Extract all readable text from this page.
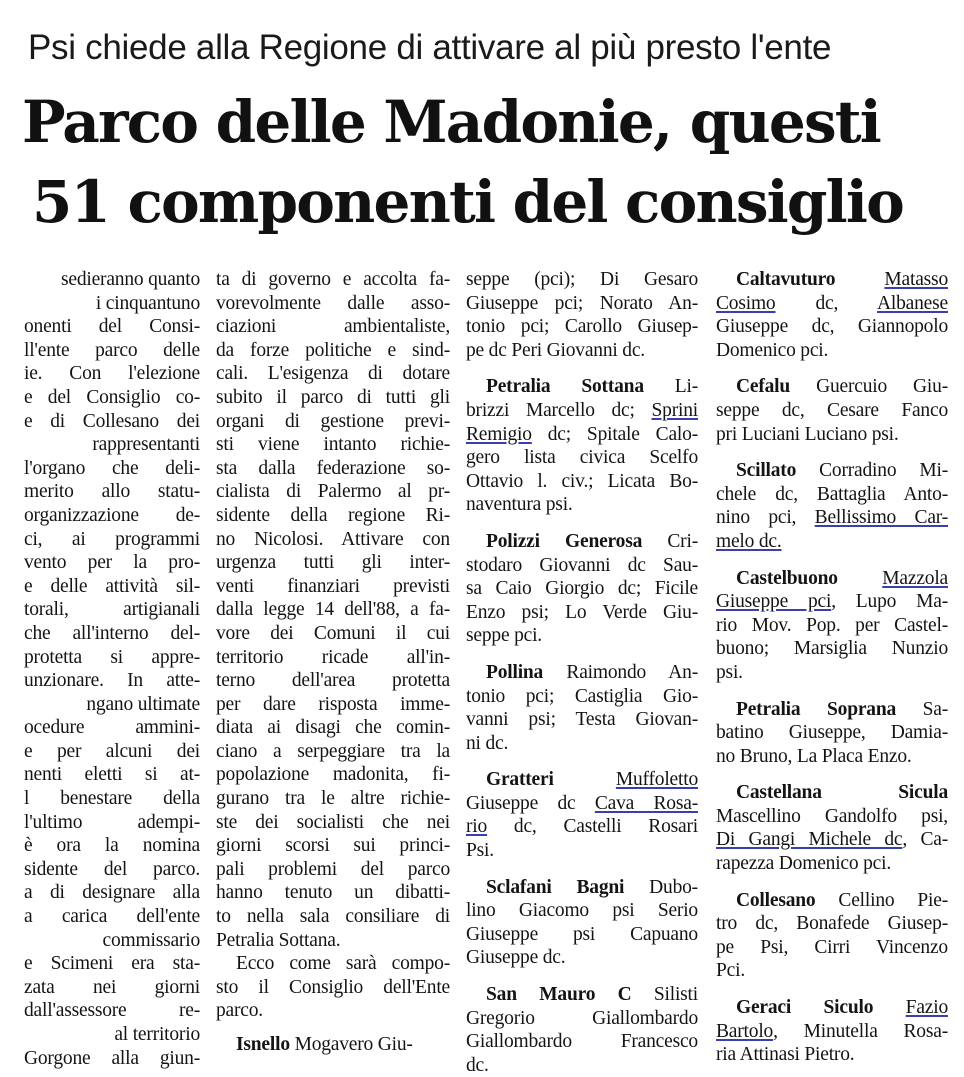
Psi chiede alla Regione di attivare al più presto l'ente
Parco delle Madonie, questi
51 componenti del consiglio
sedieranno quanto
i cinquantuno
onenti del Consi-
ll'ente parco delle
ie. Con l'elezione
e del Consiglio co-
e di Collesano dei
rappresentanti
l'organo che deli-
merito allo statu-
organizzazione de-
ci, ai programmi
vento per la pro-
e delle attività sil-
torali, artigianali
che all'interno del-
protetta si appre-
unzionare. In atte-
ngano ultimate
ocedure ammini-
e per alcuni dei
nenti eletti si at-
l benestare della
l'ultimo adempi-
è ora la nomina
sidente del parco.
a di designare alla
a carica dell'ente
commissario
e Scimeni era sta-
zata nei giorni
dall'assessore re-
al territorio
Gorgone alla giun-
ta di governo e accolta fa-
vorevolmente dalle asso-
ciazioni ambientaliste,
da forze politiche e sind-
cali. L'esigenza di dotare
subito il parco di tutti gli
organi di gestione previ-
sti viene intanto richie-
sta dalla federazione so-
cialista di Palermo al pr-
sidente della regione Ri-
no Nicolosi. Attivare con
urgenza tutti gli inter-
venti finanziari previsti
dalla legge 14 dell'88, a fa-
vore dei Comuni il cui
territorio ricade all'in-
terno dell'area protetta
per dare risposta imme-
diata ai disagi che comin-
ciano a serpeggiare tra la
popolazione madonita, fi-
gurano tra le altre richie-
ste dei socialisti che nei
giorni scorsi sui princi-
pali problemi del parco
hanno tenuto un dibatti-
to nella sala consiliare di
Petralia Sottana.
Ecco come sarà compo-
sto il Consiglio dell'Ente
parco.
Isnello Mogavero Giu-
seppe (pci); Di Gesaro
Giuseppe pci; Norato An-
tonio pci; Carollo Giusep-
pe dc Peri Giovanni dc.
Petralia Sottana Li-
brizzi Marcello dc; Sprini
Remigio dc; Spitale Calo-
gero lista civica Scelfo
Ottavio l. civ.; Licata Bo-
naventura psi.
Polizzi Generosa Cri-
stodaro Giovanni dc Sau-
sa Caio Giorgio dc; Ficile
Enzo psi; Lo Verde Giu-
seppe pci.
Pollina Raimondo An-
tonio pci; Castiglia Gio-
vanni psi; Testa Giovan-
ni dc.
Gratteri	Muffoletto
Giuseppe dc Cava Rosa-
rio dc, Castelli Rosari
Psi.
Sclafani Bagni Dubo-
lino Giacomo psi Serio
Giuseppe psi Capuano
Giuseppe dc.
San Mauro C Silisti
Gregorio Giallombardo
Giallombardo Francesco
dc.
Caltavuturo	Matasso
Cosimo dc, Albanese
Giuseppe dc, Giannopolo
Domenico pci.
Cefalu Guercuio Giu-
seppe dc, Cesare Fanco
pri Luciani Luciano psi.
Scillato Corradino Mi-
chele dc, Battaglia Anto-
nino pci, Bellissimo Car-
melo dc.
Castelbuono Mazzola
Giuseppe pci, Lupo Ma-
rio Mov. Pop. per Castel-
buono; Marsiglia Nunzio
psi.
Petralia Soprana Sa-
batino Giuseppe, Damia-
no Bruno, La Placa Enzo.
Castellana Sicula
Mascellino Gandolfo psi,
Di Gangi Michele dc, Ca-
rapezza Domenico pci.
Collesano Cellino Pie-
tro dc, Bonafede Giusep-
pe Psi, Cirri Vincenzo
Pci.
Geraci Siculo Fazio
Bartolo, Minutella Rosa-
ria Attinasi Pietro.
